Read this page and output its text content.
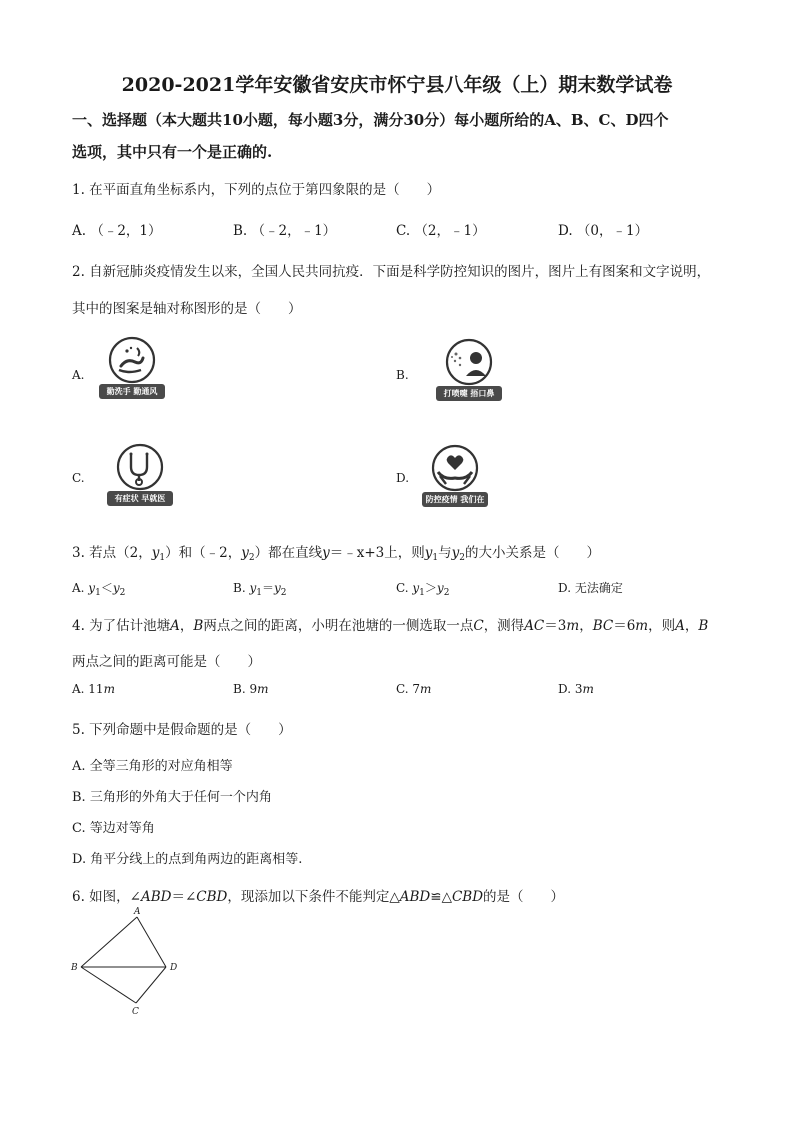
2020-2021学年安徽省安庆市怀宁县八年级（上）期末数学试卷
一、选择题（本大题共10小题，每小题3分，满分30分）每小题所给的A、B、C、D四个
选项，其中只有一个是正确的.
1. 在平面直角坐标系内，下列的点位于第四象限的是（　　）
A. （﹣2，1）	B. （﹣2，﹣1）	C. （2，﹣1）	D. （0，﹣1）
2. 自新冠肺炎疫情发生以来，全国人民共同抗疫．下面是科学防控知识的图片，图片上有图案和文字说明，
其中的图案是轴对称图形的是（　　）
A.
勤洗手 勤通风
B.
打喷嚏 捂口鼻
C.
有症状 早就医
D.
防控疫情 我们在一起
3. 若点（2，$y_1$）和（﹣2，$y_2$）都在直线y＝﹣x+3上，则$y_1$与$y_2$的大小关系是（　　）
A. $y_1<y_2$	B. $y_1=y_2$	C. $y_1>y_2$	D. 无法确定
4. 为了估计池塘A，B两点之间的距离，小明在池塘的一侧选取一点C，测得AC＝3m，BC＝6m，则A，B
两点之间的距离可能是（　　）
A. 11m	B. 9m	C. 7m	D. 3m
5. 下列命题中是假命题的是（　　）
A. 全等三角形的对应角相等
B. 三角形的外角大于任何一个内角
C. 等边对等角
D. 角平分线上的点到角两边的距离相等.
6. 如图，∠ABD＝∠CBD，现添加以下条件不能判定△ABD≌△CBD的是（　　）
A
B
C
D
